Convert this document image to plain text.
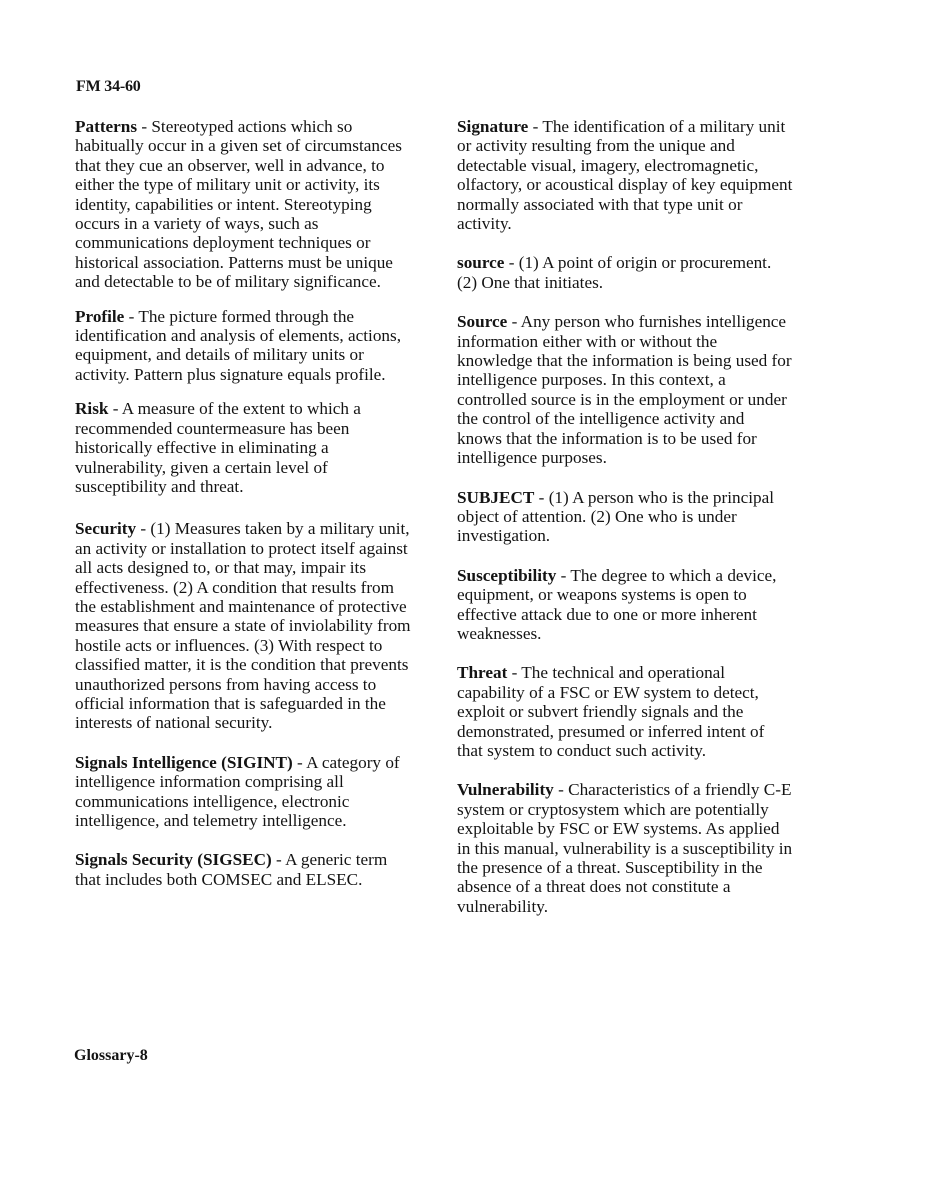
FM 34-60

Patterns - Stereotyped actions which so habitually occur in a given set of circumstances that they cue an observer, well in advance, to either the type of military unit or activity, its identity, capabilities or intent. Stereotyping occurs in a variety of ways, such as communications deployment techniques or historical association. Patterns must be unique and detectable to be of military significance.

Profile - The picture formed through the identification and analysis of elements, actions, equipment, and details of military units or activity. Pattern plus signature equals profile.

Risk - A measure of the extent to which a recommended countermeasure has been historically effective in eliminating a vulnerability, given a certain level of susceptibility and threat.

Security - (1) Measures taken by a military unit, an activity or installation to protect itself against all acts designed to, or that may, impair its effectiveness. (2) A condition that results from the establishment and maintenance of protective measures that ensure a state of inviolability from hostile acts or influences. (3) With respect to classified matter, it is the condition that prevents unauthorized persons from having access to official information that is safeguarded in the interests of national security.

Signals Intelligence (SIGINT) - A category of intelligence information comprising all communications intelligence, electronic intelligence, and telemetry intelligence.

Signals Security (SIGSEC) - A generic term that includes both COMSEC and ELSEC.

Signature - The identification of a military unit or activity resulting from the unique and detectable visual, imagery, electromagnetic, olfactory, or acoustical display of key equipment normally associated with that type unit or activity.

source - (1) A point of origin or procurement. (2) One that initiates.

Source - Any person who furnishes intelligence information either with or without the knowledge that the information is being used for intelligence purposes. In this context, a controlled source is in the employment or under the control of the intelligence activity and knows that the information is to be used for intelligence purposes.

SUBJECT - (1) A person who is the principal object of attention. (2) One who is under investigation.

Susceptibility - The degree to which a device, equipment, or weapons systems is open to effective attack due to one or more inherent weaknesses.

Threat - The technical and operational capability of a FSC or EW system to detect, exploit or subvert friendly signals and the demonstrated, presumed or inferred intent of that system to conduct such activity.

Vulnerability - Characteristics of a friendly C-E system or cryptosystem which are potentially exploitable by FSC or EW systems. As applied in this manual, vulnerability is a susceptibility in the presence of a threat. Susceptibility in the absence of a threat does not constitute a vulnerability.

Glossary-8
